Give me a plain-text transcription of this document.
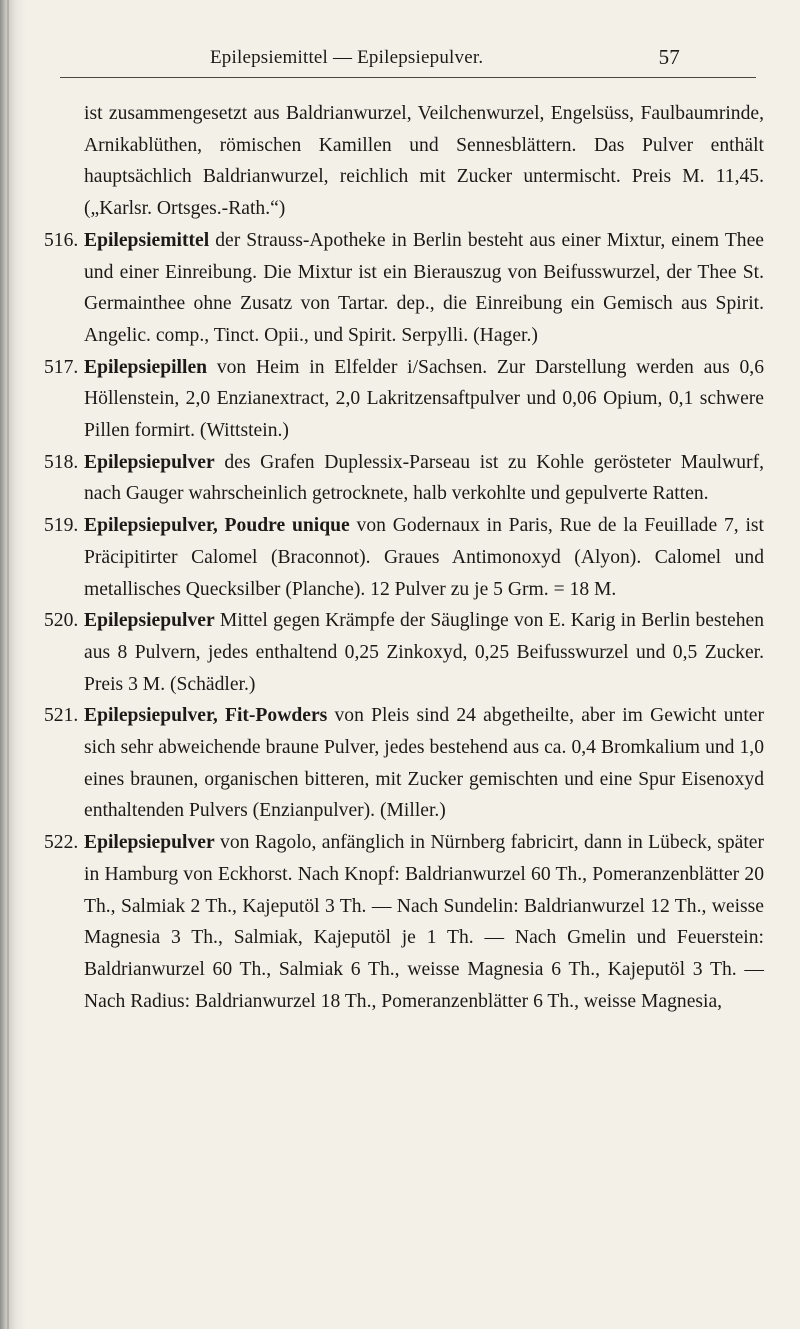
Epilepsiemittel — Epilepsiepulver.	57

ist zusammengesetzt aus Baldrianwurzel, Veilchenwurzel, Engelsüss, Faulbaumrinde, Arnikablüthen, römischen Kamillen und Sennesblättern. Das Pulver enthält hauptsächlich Baldrianwurzel, reichlich mit Zucker untermischt. Preis M. 11,45. („Karlsr. Ortsges.-Rath.“)

516. Epilepsiemittel der Strauss-Apotheke in Berlin besteht aus einer Mixtur, einem Thee und einer Einreibung. Die Mixtur ist ein Bierauszug von Beifusswurzel, der Thee St. Germainthee ohne Zusatz von Tartar. dep., die Einreibung ein Gemisch aus Spirit. Angelic. comp., Tinct. Opii., und Spirit. Serpylli. (Hager.)

517. Epilepsiepillen von Heim in Elfelder i/Sachsen. Zur Darstellung werden aus 0,6 Höllenstein, 2,0 Enzianextract, 2,0 Lakritzensaftpulver und 0,06 Opium, 0,1 schwere Pillen formirt. (Wittstein.)

518. Epilepsiepulver des Grafen Duplessix-Parseau ist zu Kohle gerösteter Maulwurf, nach Gauger wahrscheinlich getrocknete, halb verkohlte und gepulverte Ratten.

519. Epilepsiepulver, Poudre unique von Godernaux in Paris, Rue de la Feuillade 7, ist Präcipitirter Calomel (Braconnot). Graues Antimonoxyd (Alyon). Calomel und metallisches Quecksilber (Planche). 12 Pulver zu je 5 Grm. = 18 M.

520. Epilepsiepulver Mittel gegen Krämpfe der Säuglinge von E. Karig in Berlin bestehen aus 8 Pulvern, jedes enthaltend 0,25 Zinkoxyd, 0,25 Beifusswurzel und 0,5 Zucker. Preis 3 M. (Schädler.)

521. Epilepsiepulver, Fit-Powders von Pleis sind 24 abgetheilte, aber im Gewicht unter sich sehr abweichende braune Pulver, jedes bestehend aus ca. 0,4 Bromkalium und 1,0 eines braunen, organischen bitteren, mit Zucker gemischten und eine Spur Eisenoxyd enthaltenden Pulvers (Enzianpulver). (Miller.)

522. Epilepsiepulver von Ragolo, anfänglich in Nürnberg fabricirt, dann in Lübeck, später in Hamburg von Eckhorst. Nach Knopf: Baldrianwurzel 60 Th., Pomeranzenblätter 20 Th., Salmiak 2 Th., Kajeputöl 3 Th. — Nach Sundelin: Baldrianwurzel 12 Th., weisse Magnesia 3 Th., Salmiak, Kajeputöl je 1 Th. — Nach Gmelin und Feuerstein: Baldrianwurzel 60 Th., Salmiak 6 Th., weisse Magnesia 6 Th., Kajeputöl 3 Th. — Nach Radius: Baldrianwurzel 18 Th., Pomeranzenblätter 6 Th., weisse Magnesia,
